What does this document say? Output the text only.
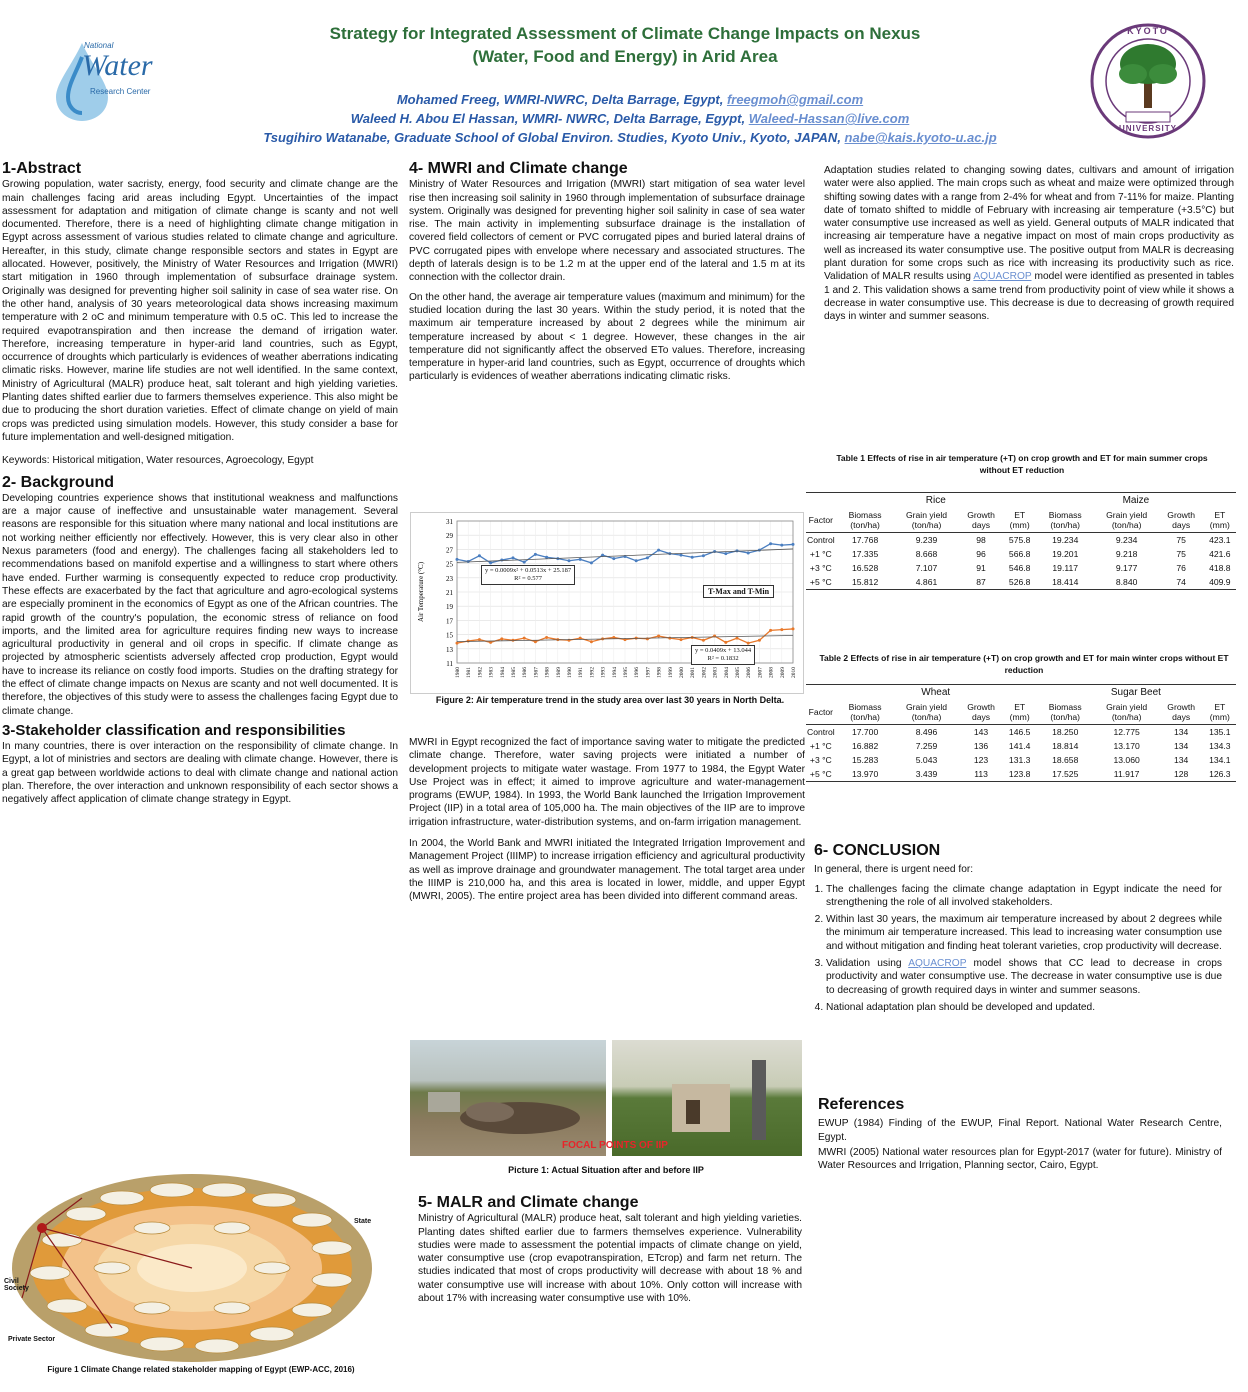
National
Water
Research Center
KYOTO
UNIVERSITY
Strategy for Integrated Assessment of Climate Change Impacts on Nexus
(Water, Food and Energy) in Arid Area
Mohamed Freeg, WMRI-NWRC, Delta Barrage, Egypt, freegmoh@gmail.com
Waleed H. Abou El Hassan, WMRI- NWRC, Delta Barrage, Egypt, Waleed-Hassan@live.com
Tsugihiro Watanabe, Graduate School of Global Environ. Studies, Kyoto Univ., Kyoto, JAPAN, nabe@kais.kyoto-u.ac.jp
1-Abstract

Growing population, water sacristy, energy, food security and climate change are the main challenges facing arid areas including Egypt. Uncertainties of the impact assessment for adaptation and mitigation of climate change is scanty and not well documented. Therefore, there is a need of highlighting climate change mitigation in Egypt across assessment of various studies related to climate change and agriculture. Hereafter, in this study, climate change responsible sectors and states in Egypt are allocated. However, positively, the Ministry of Water Resources and Irrigation (MWRI) start mitigation in 1960 through implementation of subsurface drainage system. Originally was designed for preventing higher soil salinity in case of sea water rise. On the other hand, analysis of 30 years meteorological data shows increasing maximum temperature with 2 oC and minimum temperature with 0.5 oC. This led to increase the required evapotranspiration and then increase the demand of irrigation water. Therefore, increasing temperature in hyper-arid land countries, such as Egypt, occurrence of droughts which particularly is evidences of weather aberrations indicating climatic risks. However, marine life studies are not well identified. In the same context, Ministry of Agricultural (MALR) produce heat, salt tolerant and high yielding varieties. Planting dates shifted earlier due to farmers themselves experience. This also might be due to producing the short duration varieties. Effect of climate change on yield of main crops was predicted using simulation models. However, this study consider a base for future implementation and well-designed mitigation.

Keywords: Historical mitigation, Water resources, Agroecology, Egypt

2- Background

Developing countries experience shows that institutional weakness and malfunctions are a major cause of ineffective and unsustainable water management. Several reasons are responsible for this situation where many national and local institutions are not working neither efficiently nor effectively. However, this is very clear also in other Nexus parameters (food and energy). The challenges facing all stakeholders led to recommendations based on manifold expertise and a willingness to start where others have ended. Further warming is consequently expected to reduce crop productivity. These effects are exacerbated by the fact that agriculture and agro-ecological systems are especially prominent in the economics of Egypt as one of the African countries. The rapid growth of the country's population, the economic stress of reliance on food imports, and the limited area for agriculture requires finding new ways to increase agricultural productivity in general and oil crops in specific. If climate change as projected by atmospheric scientists adversely affected crop production, Egypt would have to increase its reliance on costly food imports. Studies on the drafting strategy for the effect of climate change impacts on Nexus are scanty and not well documented. It is therefore, the objectives of this study were to assess the challenges facing Egypt due to climate change.

3-Stakeholder classification and responsibilities

In many countries, there is over interaction on the responsibility of climate change. In Egypt, a lot of ministries and sectors are dealing with climate change. However, there is a great gap between worldwide actions to deal with climate change and national action plan. Therefore, the over interaction and unknown responsibility of each sector shows a negatively affect application of climate change strategy in Egypt.

State
Civil
Society
Private Sector
Figure 1 Climate Change related stakeholder mapping of Egypt (EWP-ACC, 2016)
4- MWRI and Climate change

Ministry of Water Resources and Irrigation (MWRI) start mitigation of sea water level rise then increasing soil salinity in 1960 through implementation of subsurface drainage system. Originally was designed for preventing higher soil salinity in case of sea water rise. The main activity in implementing subsurface drainage is the installation of covered field collectors of cement or PVC corrugated pipes and buried lateral drains of PVC corrugated pipes with envelope where necessary and associated structures. The depth of laterals design is to be 1.2 m at the upper end of the lateral and 1.5 m at its connection with the collector drain.

On the other hand, the average air temperature values (maximum and minimum) for the studied location during the last 30 years. Within the study period, it is noted that the maximum air temperature increased by about 2 degrees while the minimum air temperature increased by about < 1 degree. However, these changes in the air temperature did not significantly affect the observed ETo values. Therefore, increasing temperature in hyper-arid land countries, such as Egypt, occurrence of droughts which particularly is evidences of weather aberrations indicating climatic risks.

11
13
15
17
19
21
23
25
27
29
31
1980 1981 1982 1983 1984 1985 1986 1987 1988 1989 1990 1991 1992 1993 1994 1995 1996 1997 1998 1999 2000 2001 2002 2003 2004 2005 2006 2007 2008 2009 2010
Air Temperature (°C)	T-Max and T-Min
y = 0.0009x² + 0.0513x + 25.187
R² = 0.577
y = 0.0409x + 13.044
R² = 0.1832
Figure 2: Air temperature trend in the study area over last 30 years in North Delta.

MWRI in Egypt recognized the fact of importance saving water to mitigate the predicted climate change. Therefore, water saving projects were initiated a number of development projects to mitigate water wastage. From 1977 to 1984, the Egypt Water Use Project was in effect; it aimed to improve agriculture and water-management programs (EWUP, 1984). In 1993, the World Bank launched the Irrigation Improvement Project (IIP) in a total area of 105,000 ha. The main objectives of the IIP are to improve irrigation infrastructure, water-distribution systems, and on-farm irrigation management.

In 2004, the World Bank and MWRI initiated the Integrated Irrigation Improvement and Management Project (IIIMP) to increase irrigation efficiency and agricultural productivity as well as improve drainage and groundwater management. The total target area under the IIIMP is 210,000 ha, and this area is located in lower, middle, and upper Egypt (MWRI, 2005). The entire project area has been divided into different command areas.

FOCAL POINTS OF IIP
Picture 1: Actual Situation after and before IIP
5- MALR and Climate change

Ministry of Agricultural (MALR) produce heat, salt tolerant and high yielding varieties. Planting dates shifted earlier due to farmers themselves experience. Vulnerability studies were made to assessment the potential impacts of climate change on yield, water consumptive use (crop evapotranspiration, ETcrop) and farm net return. The studies indicated that most of crops productivity will decrease with about 18 % and water consumptive use will increase with about 10%. Only cotton will increase with about 17% with increasing water consumptive use with 10%.

Adaptation studies related to changing sowing dates, cultivars and amount of irrigation water were also applied. The main crops such as wheat and maize were optimized through shifting sowing dates with a range from 2-4% for wheat and from 7-11% for maize. Planting date of tomato shifted to middle of February with increasing air temperature (+3.5°C) but water consumptive use increased as well as yield. General outputs of MALR indicated that increasing air temperature have a negative impact on most of main crops productivity as well as increased its water consumptive use. The positive output from MALR is decreasing plant duration for some crops such as rice with increasing its productivity such as rice. Validation of MALR results using AQUACROP model were identified as presented in tables 1 and 2. This validation shows a same trend from productivity point of view while it shows a decrease in water consumptive use. This decrease is due to decreasing of growth required days in winter and summer seasons.

Table 1 Effects of rise in air temperature (+T) on crop growth and ET for main summer crops without ET reduction
	Rice				Maize			
Factor	Biomass (ton/ha)	Grain yield (ton/ha)	Growth days	ET (mm)	Biomass (ton/ha)	Grain yield (ton/ha)	Growth days	ET (mm)
Control	17.768	9.239	98	575.8	19.234	9.234	75	423.1
+1 °C	17.335	8.668	96	566.8	19.201	9.218	75	421.6
+3 °C	16.528	7.107	91	546.8	19.117	9.177	76	418.8
+5 °C	15.812	4.861	87	526.8	18.414	8.840	74	409.9
Table 2 Effects of rise in air temperature (+T) on crop growth and ET for main winter crops without ET reduction
	Wheat				Sugar Beet			
Factor	Biomass (ton/ha)	Grain yield (ton/ha)	Growth days	ET (mm)	Biomass (ton/ha)	Grain yield (ton/ha)	Growth days	ET (mm)
Control	17.700	8.496	143	146.5	18.250	12.775	134	135.1
+1 °C	16.882	7.259	136	141.4	18.814	13.170	134	134.3
+3 °C	15.283	5.043	123	131.3	18.658	13.060	134	134.1
+5 °C	13.970	3.439	113	123.8	17.525	11.917	128	126.3
6- CONCLUSION

In general, there is urgent need for:

1. The challenges facing the climate change adaptation in Egypt indicate the need for strengthening the role of all involved stakeholders.
2. Within last 30 years, the maximum air temperature increased by about 2 degrees while the minimum air temperature increased. This lead to increasing water consumption use and without mitigation and finding heat tolerant varieties, crop productivity will decrease.
3. Validation using AQUACROP model shows that CC lead to decrease in crops productivity and water consumptive use. The decrease in water consumptive use is due to decreasing of growth required days in winter and summer seasons.
4. National adaptation plan should be developed and updated.
References

EWUP (1984) Finding of the EWUP, Final Report. National Water Research Centre, Egypt.

MWRI (2005) National water resources plan for Egypt-2017 (water for future). Ministry of Water Resources and Irrigation, Planning sector, Cairo, Egypt.
